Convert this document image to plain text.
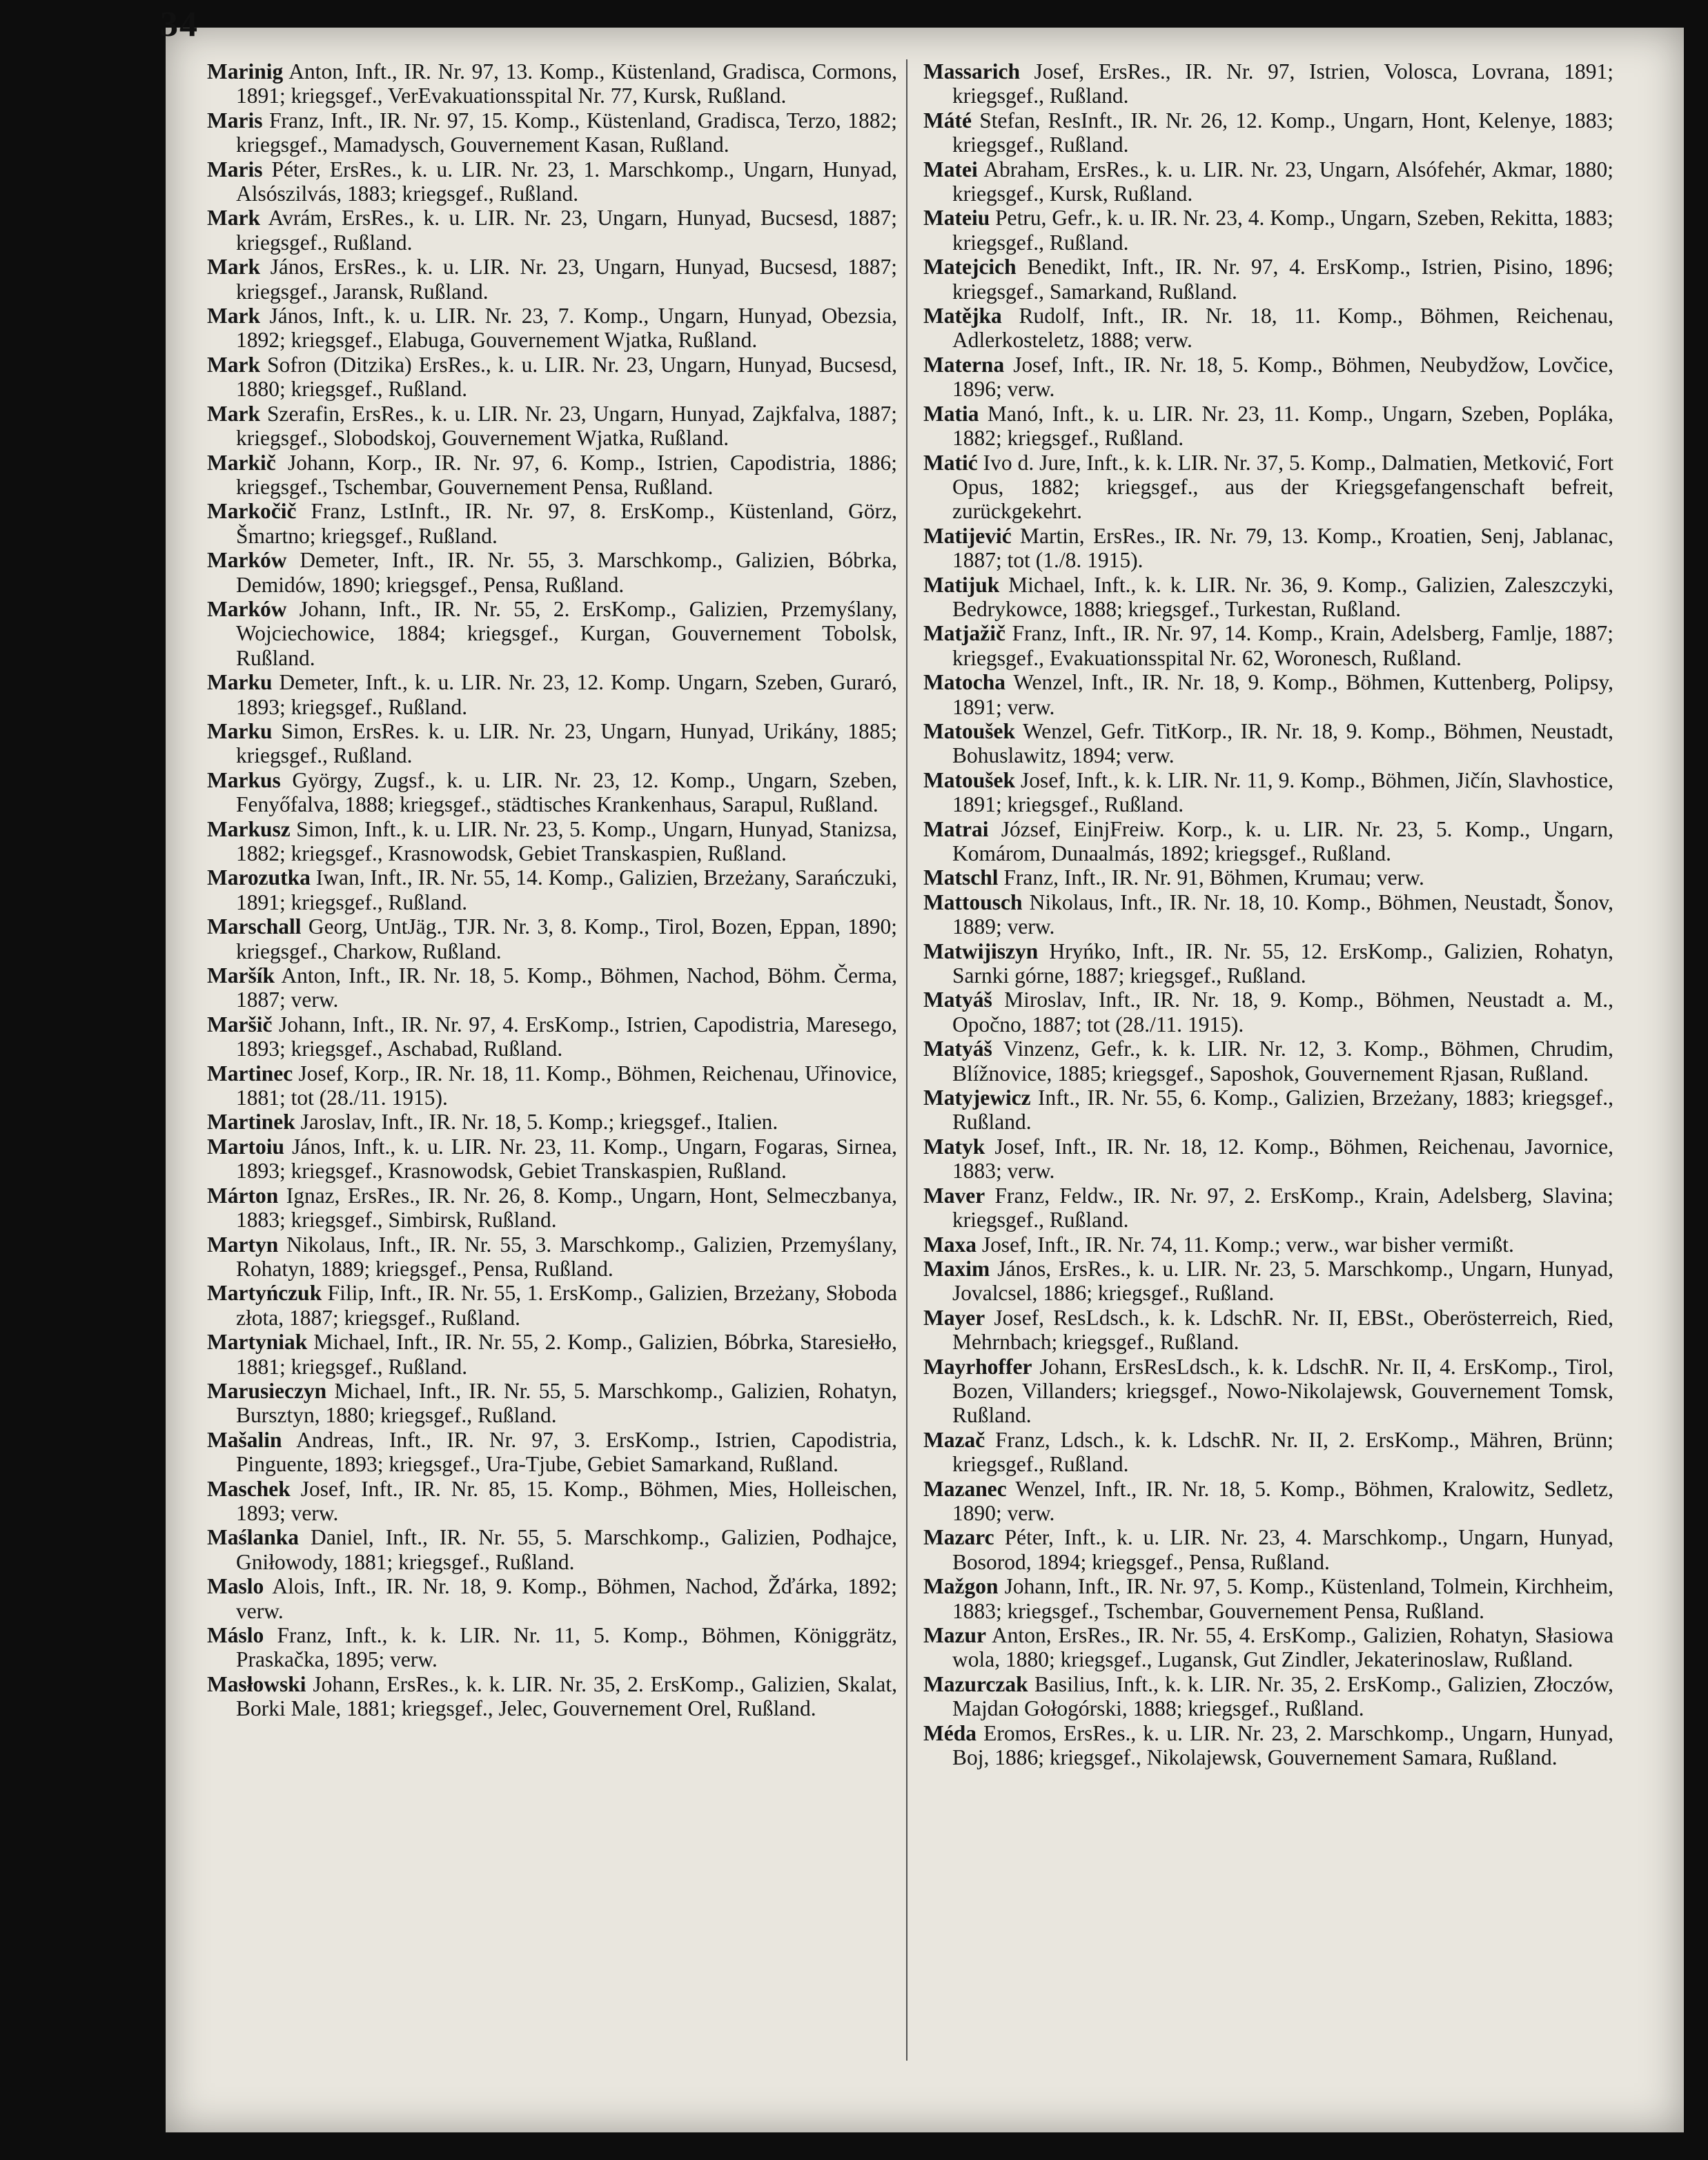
34

Marinig Anton, Inft., IR. Nr. 97, 13. Komp., Küstenland, Gradisca, Cormons, 1891; kriegsgef., VerEvakuationsspital Nr. 77, Kursk, Rußland.

Maris Franz, Inft., IR. Nr. 97, 15. Komp., Küstenland, Gradisca, Terzo, 1882; kriegsgef., Mamadysch, Gouvernement Kasan, Rußland.

Maris Péter, ErsRes., k. u. LIR. Nr. 23, 1. Marschkomp., Ungarn, Hunyad, Alsószilvás, 1883; kriegsgef., Rußland.

Mark Avrám, ErsRes., k. u. LIR. Nr. 23, Ungarn, Hunyad, Bucsesd, 1887; kriegsgef., Rußland.

Mark János, ErsRes., k. u. LIR. Nr. 23, Ungarn, Hunyad, Bucsesd, 1887; kriegsgef., Jaransk, Rußland.

Mark János, Inft., k. u. LIR. Nr. 23, 7. Komp., Ungarn, Hunyad, Obezsia, 1892; kriegsgef., Elabuga, Gouvernement Wjatka, Rußland.

Mark Sofron (Ditzika) ErsRes., k. u. LIR. Nr. 23, Ungarn, Hunyad, Bucsesd, 1880; kriegsgef., Rußland.

Mark Szerafin, ErsRes., k. u. LIR. Nr. 23, Ungarn, Hunyad, Zajkfalva, 1887; kriegsgef., Slobodskoj, Gouvernement Wjatka, Rußland.

Markič Johann, Korp., IR. Nr. 97, 6. Komp., Istrien, Capodistria, 1886; kriegsgef., Tschembar, Gouvernement Pensa, Rußland.

Markočič Franz, LstInft., IR. Nr. 97, 8. ErsKomp., Küstenland, Görz, Šmartno; kriegsgef., Rußland.

Marków Demeter, Inft., IR. Nr. 55, 3. Marschkomp., Galizien, Bóbrka, Demidów, 1890; kriegsgef., Pensa, Rußland.

Marków Johann, Inft., IR. Nr. 55, 2. ErsKomp., Galizien, Przemyślany, Wojciechowice, 1884; kriegsgef., Kurgan, Gouvernement Tobolsk, Rußland.

Marku Demeter, Inft., k. u. LIR. Nr. 23, 12. Komp. Ungarn, Szeben, Guraró, 1893; kriegsgef., Rußland.

Marku Simon, ErsRes. k. u. LIR. Nr. 23, Ungarn, Hunyad, Urikány, 1885; kriegsgef., Rußland.

Markus György, Zugsf., k. u. LIR. Nr. 23, 12. Komp., Ungarn, Szeben, Fenyőfalva, 1888; kriegsgef., städtisches Krankenhaus, Sarapul, Rußland.

Markusz Simon, Inft., k. u. LIR. Nr. 23, 5. Komp., Ungarn, Hunyad, Stanizsa, 1882; kriegsgef., Krasnowodsk, Gebiet Transkaspien, Rußland.

Marozutka Iwan, Inft., IR. Nr. 55, 14. Komp., Galizien, Brzeżany, Sarańczuki, 1891; kriegsgef., Rußland.

Marschall Georg, UntJäg., TJR. Nr. 3, 8. Komp., Tirol, Bozen, Eppan, 1890; kriegsgef., Charkow, Rußland.

Maršík Anton, Inft., IR. Nr. 18, 5. Komp., Böhmen, Nachod, Böhm. Čerma, 1887; verw.

Maršič Johann, Inft., IR. Nr. 97, 4. ErsKomp., Istrien, Capodistria, Maresego, 1893; kriegsgef., Aschabad, Rußland.

Martinec Josef, Korp., IR. Nr. 18, 11. Komp., Böhmen, Reichenau, Uřinovice, 1881; tot (28./11. 1915).

Martinek Jaroslav, Inft., IR. Nr. 18, 5. Komp.; kriegsgef., Italien.

Martoiu János, Inft., k. u. LIR. Nr. 23, 11. Komp., Ungarn, Fogaras, Sirnea, 1893; kriegsgef., Krasnowodsk, Gebiet Transkaspien, Rußland.

Márton Ignaz, ErsRes., IR. Nr. 26, 8. Komp., Ungarn, Hont, Selmeczbanya, 1883; kriegsgef., Simbirsk, Rußland.

Martyn Nikolaus, Inft., IR. Nr. 55, 3. Marschkomp., Galizien, Przemyślany, Rohatyn, 1889; kriegsgef., Pensa, Rußland.

Martyńczuk Filip, Inft., IR. Nr. 55, 1. ErsKomp., Galizien, Brzeżany, Słoboda złota, 1887; kriegsgef., Rußland.

Martyniak Michael, Inft., IR. Nr. 55, 2. Komp., Galizien, Bóbrka, Staresiełło, 1881; kriegsgef., Rußland.

Marusieczyn Michael, Inft., IR. Nr. 55, 5. Marschkomp., Galizien, Rohatyn, Bursztyn, 1880; kriegsgef., Rußland.

Mašalin Andreas, Inft., IR. Nr. 97, 3. ErsKomp., Istrien, Capodistria, Pinguente, 1893; kriegsgef., Ura-Tjube, Gebiet Samarkand, Rußland.

Maschek Josef, Inft., IR. Nr. 85, 15. Komp., Böhmen, Mies, Holleischen, 1893; verw.

Maślanka Daniel, Inft., IR. Nr. 55, 5. Marschkomp., Galizien, Podhajce, Gniłowody, 1881; kriegsgef., Rußland.

Maslo Alois, Inft., IR. Nr. 18, 9. Komp., Böhmen, Nachod, Žďárka, 1892; verw.

Máslo Franz, Inft., k. k. LIR. Nr. 11, 5. Komp., Böhmen, Königgrätz, Praskačka, 1895; verw.

Masłowski Johann, ErsRes., k. k. LIR. Nr. 35, 2. ErsKomp., Galizien, Skalat, Borki Male, 1881; kriegsgef., Jelec, Gouvernement Orel, Rußland.

Massarich Josef, ErsRes., IR. Nr. 97, Istrien, Volosca, Lovrana, 1891; kriegsgef., Rußland.

Máté Stefan, ResInft., IR. Nr. 26, 12. Komp., Ungarn, Hont, Kelenye, 1883; kriegsgef., Rußland.

Matei Abraham, ErsRes., k. u. LIR. Nr. 23, Ungarn, Alsófehér, Akmar, 1880; kriegsgef., Kursk, Rußland.

Mateiu Petru, Gefr., k. u. IR. Nr. 23, 4. Komp., Ungarn, Szeben, Rekitta, 1883; kriegsgef., Rußland.

Matejcich Benedikt, Inft., IR. Nr. 97, 4. ErsKomp., Istrien, Pisino, 1896; kriegsgef., Samarkand, Rußland.

Matějka Rudolf, Inft., IR. Nr. 18, 11. Komp., Böhmen, Reichenau, Adlerkosteletz, 1888; verw.

Materna Josef, Inft., IR. Nr. 18, 5. Komp., Böhmen, Neubydžow, Lovčice, 1896; verw.

Matia Manó, Inft., k. u. LIR. Nr. 23, 11. Komp., Ungarn, Szeben, Popláka, 1882; kriegsgef., Rußland.

Matić Ivo d. Jure, Inft., k. k. LIR. Nr. 37, 5. Komp., Dalmatien, Metković, Fort Opus, 1882; kriegsgef., aus der Kriegsgefangenschaft befreit, zurückgekehrt.

Matijević Martin, ErsRes., IR. Nr. 79, 13. Komp., Kroatien, Senj, Jablanac, 1887; tot (1./8. 1915).

Matijuk Michael, Inft., k. k. LIR. Nr. 36, 9. Komp., Galizien, Zaleszczyki, Bedrykowce, 1888; kriegsgef., Turkestan, Rußland.

Matjažič Franz, Inft., IR. Nr. 97, 14. Komp., Krain, Adelsberg, Famlje, 1887; kriegsgef., Evakuationsspital Nr. 62, Woronesch, Rußland.

Matocha Wenzel, Inft., IR. Nr. 18, 9. Komp., Böhmen, Kuttenberg, Polipsy, 1891; verw.

Matoušek Wenzel, Gefr. TitKorp., IR. Nr. 18, 9. Komp., Böhmen, Neustadt, Bohuslawitz, 1894; verw.

Matoušek Josef, Inft., k. k. LIR. Nr. 11, 9. Komp., Böhmen, Jičín, Slavhostice, 1891; kriegsgef., Rußland.

Matrai József, EinjFreiw. Korp., k. u. LIR. Nr. 23, 5. Komp., Ungarn, Komárom, Dunaalmás, 1892; kriegsgef., Rußland.

Matschl Franz, Inft., IR. Nr. 91, Böhmen, Krumau; verw.

Mattousch Nikolaus, Inft., IR. Nr. 18, 10. Komp., Böhmen, Neustadt, Šonov, 1889; verw.

Matwijiszyn Hryńko, Inft., IR. Nr. 55, 12. ErsKomp., Galizien, Rohatyn, Sarnki górne, 1887; kriegsgef., Rußland.

Matyáš Miroslav, Inft., IR. Nr. 18, 9. Komp., Böhmen, Neustadt a. M., Opočno, 1887; tot (28./11. 1915).

Matyáš Vinzenz, Gefr., k. k. LIR. Nr. 12, 3. Komp., Böhmen, Chrudim, Blížnovice, 1885; kriegsgef., Saposhok, Gouvernement Rjasan, Rußland.

Matyjewicz Inft., IR. Nr. 55, 6. Komp., Galizien, Brzeżany, 1883; kriegsgef., Rußland.

Matyk Josef, Inft., IR. Nr. 18, 12. Komp., Böhmen, Reichenau, Javornice, 1883; verw.

Maver Franz, Feldw., IR. Nr. 97, 2. ErsKomp., Krain, Adelsberg, Slavina; kriegsgef., Rußland.

Maxa Josef, Inft., IR. Nr. 74, 11. Komp.; verw., war bisher vermißt.

Maxim János, ErsRes., k. u. LIR. Nr. 23, 5. Marschkomp., Ungarn, Hunyad, Jovalcsel, 1886; kriegsgef., Rußland.

Mayer Josef, ResLdsch., k. k. LdschR. Nr. II, EBSt., Oberösterreich, Ried, Mehrnbach; kriegsgef., Rußland.

Mayrhoffer Johann, ErsResLdsch., k. k. LdschR. Nr. II, 4. ErsKomp., Tirol, Bozen, Villanders; kriegsgef., Nowo-Nikolajewsk, Gouvernement Tomsk, Rußland.

Mazač Franz, Ldsch., k. k. LdschR. Nr. II, 2. ErsKomp., Mähren, Brünn; kriegsgef., Rußland.

Mazanec Wenzel, Inft., IR. Nr. 18, 5. Komp., Böhmen, Kralowitz, Sedletz, 1890; verw.

Mazarc Péter, Inft., k. u. LIR. Nr. 23, 4. Marschkomp., Ungarn, Hunyad, Bosorod, 1894; kriegsgef., Pensa, Rußland.

Mažgon Johann, Inft., IR. Nr. 97, 5. Komp., Küstenland, Tolmein, Kirchheim, 1883; kriegsgef., Tschembar, Gouvernement Pensa, Rußland.

Mazur Anton, ErsRes., IR. Nr. 55, 4. ErsKomp., Galizien, Rohatyn, Słasiowa wola, 1880; kriegsgef., Lugansk, Gut Zindler, Jekaterinoslaw, Rußland.

Mazurczak Basilius, Inft., k. k. LIR. Nr. 35, 2. ErsKomp., Galizien, Złoczów, Majdan Gołogórski, 1888; kriegsgef., Rußland.

Méda Eromos, ErsRes., k. u. LIR. Nr. 23, 2. Marschkomp., Ungarn, Hunyad, Boj, 1886; kriegsgef., Nikolajewsk, Gouvernement Samara, Rußland.
